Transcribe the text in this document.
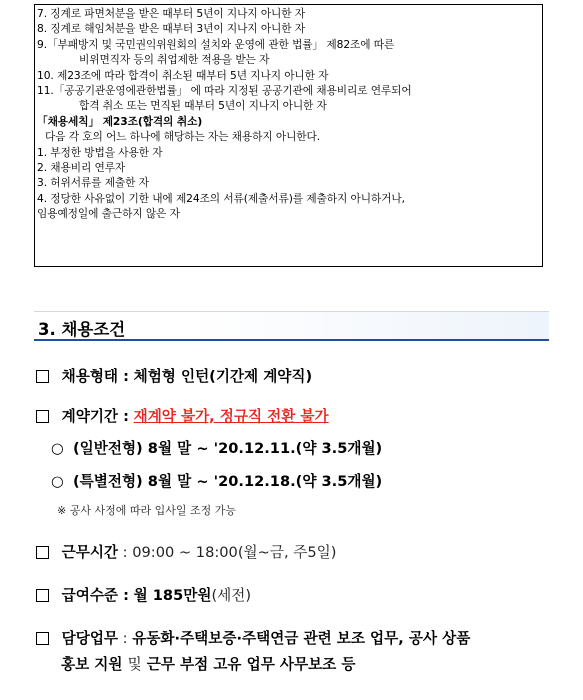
7. 징계로 파면처분을 받은 때부터 5년이 지나지 아니한 자
8. 징계로 해임처분을 받은 때부터 3년이 지나지 아니한 자
9.「부패방지 및 국민권익위원회의 설치와 운영에 관한 법률」 제82조에 따른
비위면직자 등의 취업제한 적용을 받는 자
10. 제23조에 따라 합격이 취소된 때부터 5년 지나지 아니한 자
11.「공공기관운영에관한법률」 에 따라 지정된 공공기관에 채용비리로 연루되어
합격 취소 또는 면직된 때부터 5년이 지나지 아니한 자
「채용세칙」 제23조(합격의 취소)
다음 각 호의 어느 하나에 해당하는 자는 채용하지 아니한다.
1. 부정한 방법을 사용한 자
2. 채용비리 연루자
3. 허위서류를 제출한 자
4. 정당한 사유없이 기한 내에 제24조의 서류(제출서류)를 제출하지 아니하거나,
임용예정일에 출근하지 않은 자
3. 채용조건
채용형태 : 체험형 인턴(기간제 계약직)
계약기간 : 재계약 불가, 정규직 전환 불가
○ (일반전형) 8월 말 ~ '20.12.11.(약 3.5개월)
○ (특별전형) 8월 말 ~ '20.12.18.(약 3.5개월)
※ 공사 사정에 따라 입사일 조정 가능
근무시간 : 09:00 ~ 18:00(월~금, 주5일)
급여수준 : 월 185만원(세전)
담당업무 : 유동화·주택보증·주택연금 관련 보조 업무, 공사 상품
홍보 지원 및 근무 부점 고유 업무 사무보조 등
